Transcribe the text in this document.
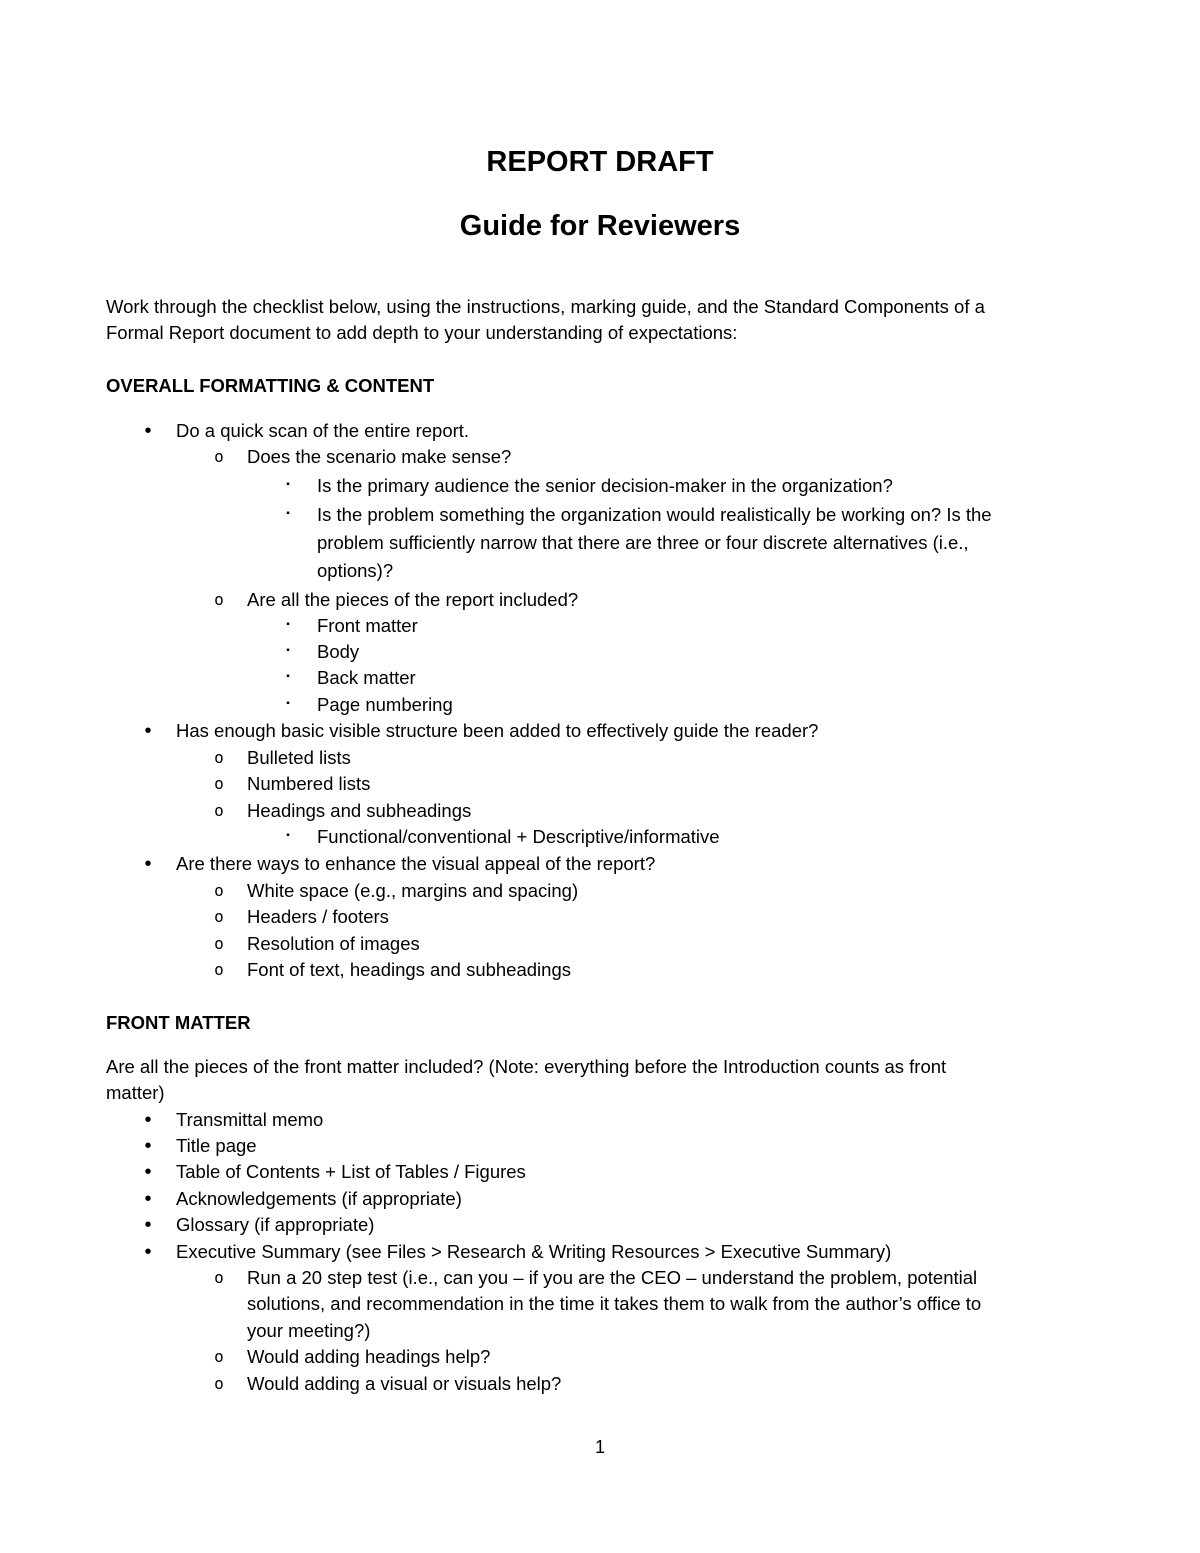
REPORT DRAFT
Guide for Reviewers
Work through the checklist below, using the instructions, marking guide, and the Standard Components of a
Formal Report document to add depth to your understanding of expectations:
OVERALL FORMATTING & CONTENT
• Do a quick scan of the entire report.
o Does the scenario make sense?
▪ Is the primary audience the senior decision-maker in the organization?
▪ Is the problem something the organization would realistically be working on? Is the
problem sufficiently narrow that there are three or four discrete alternatives (i.e.,
options)?
o Are all the pieces of the report included?
▪ Front matter
▪ Body
▪ Back matter
▪ Page numbering
• Has enough basic visible structure been added to effectively guide the reader?
o Bulleted lists
o Numbered lists
o Headings and subheadings
▪ Functional/conventional + Descriptive/informative
• Are there ways to enhance the visual appeal of the report?
o White space (e.g., margins and spacing)
o Headers / footers
o Resolution of images
o Font of text, headings and subheadings
FRONT MATTER
Are all the pieces of the front matter included? (Note: everything before the Introduction counts as front
matter)
• Transmittal memo
• Title page
• Table of Contents + List of Tables / Figures
• Acknowledgements (if appropriate)
• Glossary (if appropriate)
• Executive Summary (see Files > Research & Writing Resources > Executive Summary)
o Run a 20 step test (i.e., can you – if you are the CEO – understand the problem, potential
solutions, and recommendation in the time it takes them to walk from the author’s office to
your meeting?)
o Would adding headings help?
o Would adding a visual or visuals help?
1
